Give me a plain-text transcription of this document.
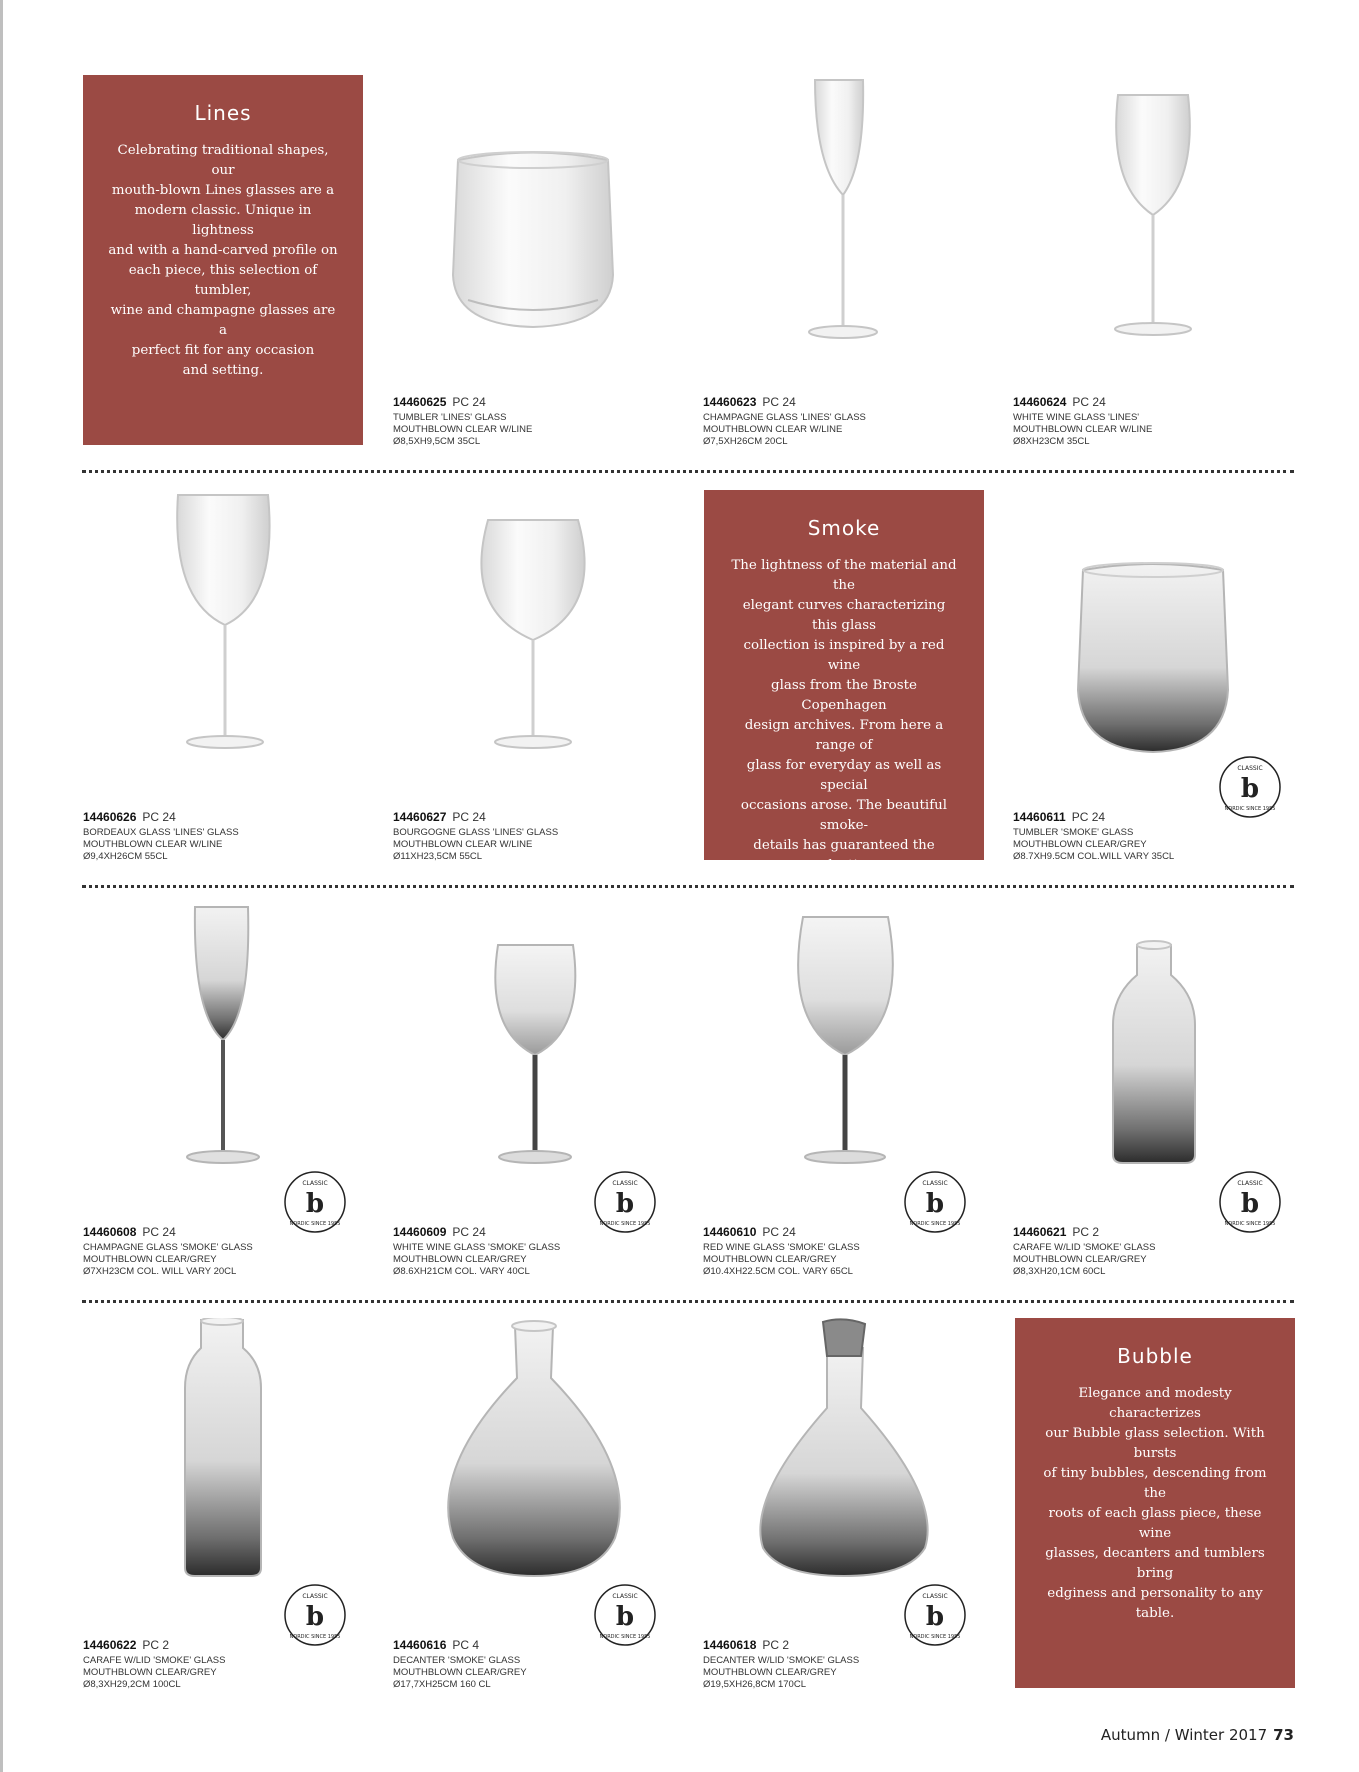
Lines
Celebrating traditional shapes, our
mouth-blown Lines glasses are a
modern classic. Unique in lightness
and with a hand-carved profile on
each piece, this selection of tumbler,
wine and champagne glasses are a
perfect fit for any occasion
and setting.
Smoke
The lightness of the material and the
elegant curves characterizing this glass
collection is inspired by a red wine
glass from the Broste Copenhagen
design archives. From here a range of
glass for everyday as well as special
occasions arose. The beautiful smoke-
details has guaranteed the selection
a unique look.
Bubble
Elegance and modesty characterizes
our Bubble glass selection. With bursts
of tiny bubbles, descending from the
roots of each glass piece, these wine
glasses, decanters and tumblers bring
edginess and personality to any table.
14460625 PC 24
TUMBLER 'LINES' GLASS
MOUTHBLOWN CLEAR W/LINE
Ø8,5XH9,5CM 35CL
14460623 PC 24
CHAMPAGNE GLASS 'LINES' GLASS
MOUTHBLOWN CLEAR W/LINE
Ø7,5XH26CM 20CL
14460624 PC 24
WHITE WINE GLASS 'LINES'
MOUTHBLOWN CLEAR W/LINE
Ø8XH23CM 35CL
14460626 PC 24
BORDEAUX GLASS 'LINES' GLASS
MOUTHBLOWN CLEAR W/LINE
Ø9,4XH26CM 55CL
14460627 PC 24
BOURGOGNE GLASS 'LINES' GLASS
MOUTHBLOWN CLEAR W/LINE
Ø11XH23,5CM 55CL
b
CLASSIC
NORDIC SINCE 1955
14460611 PC 24
TUMBLER 'SMOKE' GLASS
MOUTHBLOWN CLEAR/GREY
Ø8.7XH9.5CM COL.WILL VARY 35CL
b
CLASSIC
NORDIC SINCE 1955
14460608 PC 24
CHAMPAGNE GLASS 'SMOKE' GLASS
MOUTHBLOWN CLEAR/GREY
Ø7XH23CM COL. WILL VARY 20CL
b
CLASSIC
NORDIC SINCE 1955
14460609 PC 24
WHITE WINE GLASS 'SMOKE' GLASS
MOUTHBLOWN CLEAR/GREY
Ø8.6XH21CM COL. VARY 40CL
b
CLASSIC
NORDIC SINCE 1955
14460610 PC 24
RED WINE GLASS 'SMOKE' GLASS
MOUTHBLOWN CLEAR/GREY
Ø10.4XH22.5CM COL. VARY 65CL
b
CLASSIC
NORDIC SINCE 1955
14460621 PC 2
CARAFE W/LID 'SMOKE' GLASS
MOUTHBLOWN CLEAR/GREY
Ø8,3XH20,1CM 60CL
b
CLASSIC
NORDIC SINCE 1955
14460622 PC 2
CARAFE W/LID 'SMOKE' GLASS
MOUTHBLOWN CLEAR/GREY
Ø8,3XH29,2CM 100CL
b
CLASSIC
NORDIC SINCE 1955
14460616 PC 4
DECANTER 'SMOKE' GLASS
MOUTHBLOWN CLEAR/GREY
Ø17,7XH25CM 160 CL
b
CLASSIC
NORDIC SINCE 1955
14460618 PC 2
DECANTER W/LID 'SMOKE' GLASS
MOUTHBLOWN CLEAR/GREY
Ø19,5XH26,8CM 170CL
Autumn / Winter 2017 73
